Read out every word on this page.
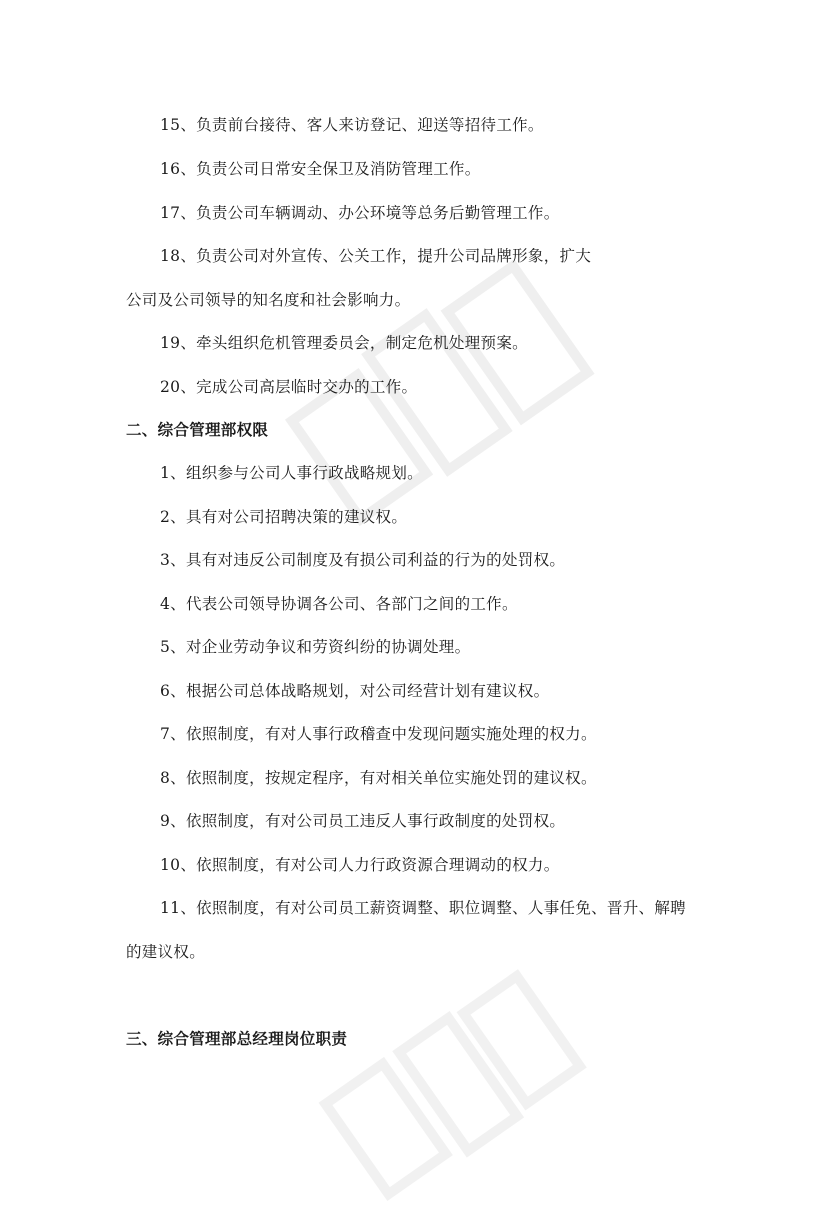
15、负责前台接待、客人来访登记、迎送等招待工作。
16、负责公司日常安全保卫及消防管理工作。
17、负责公司车辆调动、办公环境等总务后勤管理工作。
18、负责公司对外宣传、公关工作，提升公司品牌形象，扩大
公司及公司领导的知名度和社会影响力。
19、牵头组织危机管理委员会，制定危机处理预案。
20、完成公司高层临时交办的工作。
二、综合管理部权限
1、组织参与公司人事行政战略规划。
2、具有对公司招聘决策的建议权。
3、具有对违反公司制度及有损公司利益的行为的处罚权。
4、代表公司领导协调各公司、各部门之间的工作。
5、对企业劳动争议和劳资纠纷的协调处理。
6、根据公司总体战略规划，对公司经营计划有建议权。
7、依照制度，有对人事行政稽查中发现问题实施处理的权力。
8、依照制度，按规定程序，有对相关单位实施处罚的建议权。
9、依照制度，有对公司员工违反人事行政制度的处罚权。
10、依照制度，有对公司人力行政资源合理调动的权力。
11、依照制度，有对公司员工薪资调整、职位调整、人事任免、晋升、解聘
的建议权。
三、综合管理部总经理岗位职责
